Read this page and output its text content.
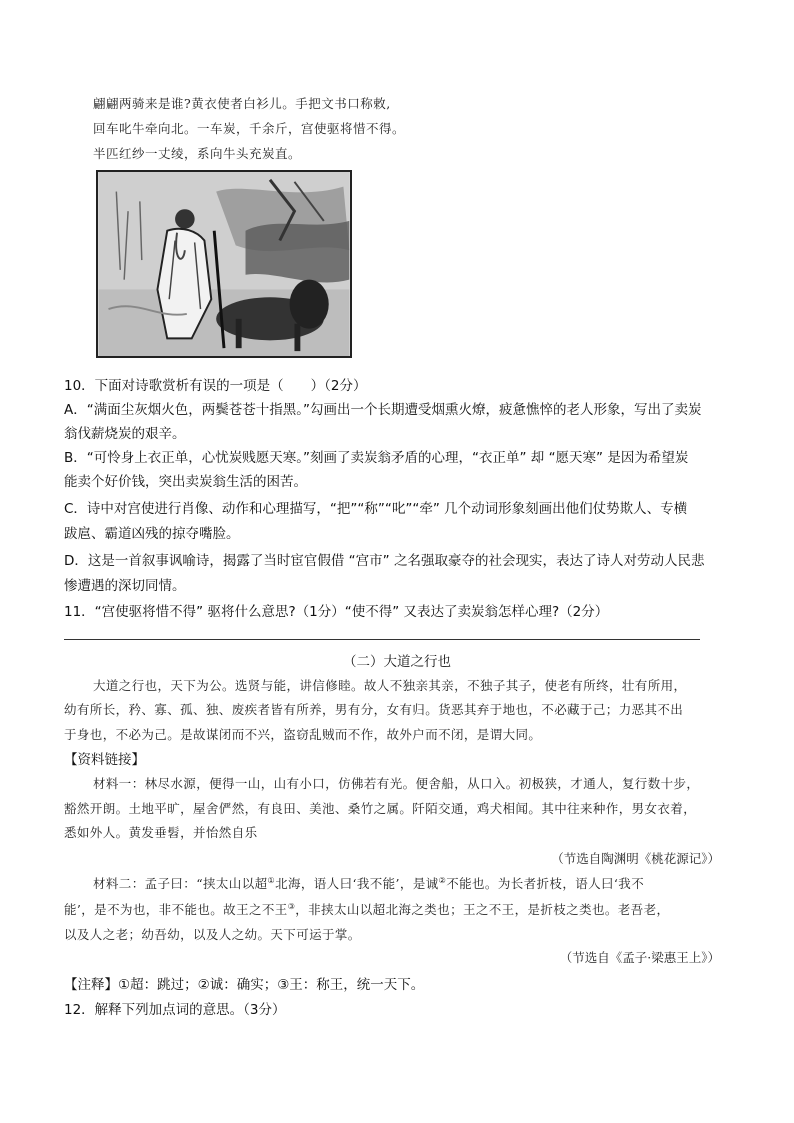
翩翩两骑来是谁?黄衣使者白衫儿。手把文书口称敕,
回车叱牛牵向北。一车炭，千余斤，宫使驱将惜不得。
半匹红纱一丈绫，系向牛头充炭直。
10．下面对诗歌赏析有误的一项是（　　）（2分）
A．“满面尘灰烟火色，两鬓苍苍十指黑。”勾画出一个长期遭受烟熏火燎，疲惫憔悴的老人形象，写出了卖炭
翁伐薪烧炭的艰辛。
B．“可怜身上衣正单，心忧炭贱愿天寒。”刻画了卖炭翁矛盾的心理，“衣正单” 却 “愿天寒” 是因为希望炭
能卖个好价钱，突出卖炭翁生活的困苦。
C．诗中对宫使进行肖像、动作和心理描写，“把”“称”“叱”“牵” 几个动词形象刻画出他们仗势欺人、专横
跋扈、霸道凶残的掠夺嘴脸。
D．这是一首叙事讽喻诗，揭露了当时宦官假借 “宫市” 之名强取豪夺的社会现实，表达了诗人对劳动人民悲
惨遭遇的深切同情。
11．“宫使驱将惜不得” 驱将什么意思?（1分）“使不得” 又表达了卖炭翁怎样心理?（2分）
（二）大道之行也
大道之行也，天下为公。选贤与能，讲信修睦。故人不独亲其亲，不独子其子，使老有所终，壮有所用，
幼有所长，矜、寡、孤、独、废疾者皆有所养，男有分，女有归。货恶其弃于地也，不必藏于己；力恶其不出
于身也，不必为己。是故谋闭而不兴，盗窃乱贼而不作，故外户而不闭，是谓大同。
【资料链接】
材料一：林尽水源，便得一山，山有小口，仿佛若有光。便舍船，从口入。初极狭，才通人，复行数十步，
豁然开朗。土地平旷，屋舍俨然，有良田、美池、桑竹之属。阡陌交通，鸡犬相闻。其中往来种作，男女衣着，
悉如外人。黄发垂髫，并怡然自乐
（节选自陶渊明《桃花源记》）
材料二：孟子曰：“挟太山以超①北海，语人曰‘我不能’，是诚②不能也。为长者折枝，语人曰‘我不
能’，是不为也，非不能也。故王之不王③，非挟太山以超北海之类也；王之不王，是折枝之类也。老吾老，
以及人之老；幼吾幼，以及人之幼。天下可运于掌。
（节选自《孟子·梁惠王上》）
【注释】①超：跳过；②诚：确实；③王：称王，统一天下。
12．解释下列加点词的意思。（3分）
